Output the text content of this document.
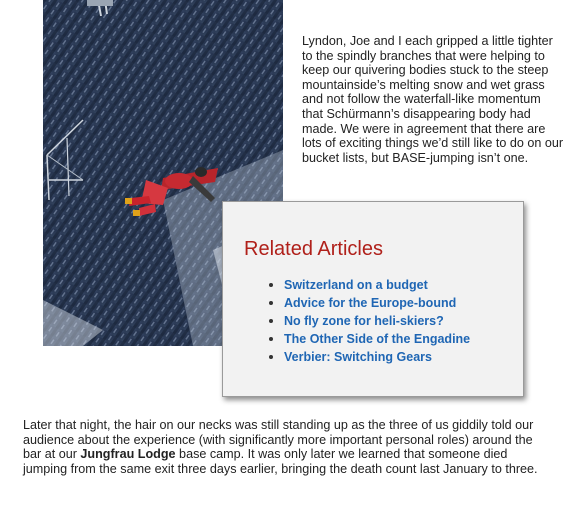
Lyndon, Joe and I each gripped a little tighter to the spindly branches that were helping to keep our quivering bodies stuck to the steep mountainside’s melting snow and wet grass and not follow the waterfall-like momentum that Schürmann’s disappearing body had made. We were in agreement that there are lots of exciting things we’d still like to do on our bucket lists, but BASE-jumping isn’t one.

Related Articles
Switzerland on a budget
Advice for the Europe-bound
No fly zone for heli-skiers?
The Other Side of the Engadine
Verbier: Switching Gears

Later that night, the hair on our necks was still standing up as the three of us giddily told our audience about the experience (with significantly more important personal roles) around the bar at our Jungfrau Lodge base camp. It was only later we learned that someone died jumping from the same exit three days earlier, bringing the death count last January to three.
